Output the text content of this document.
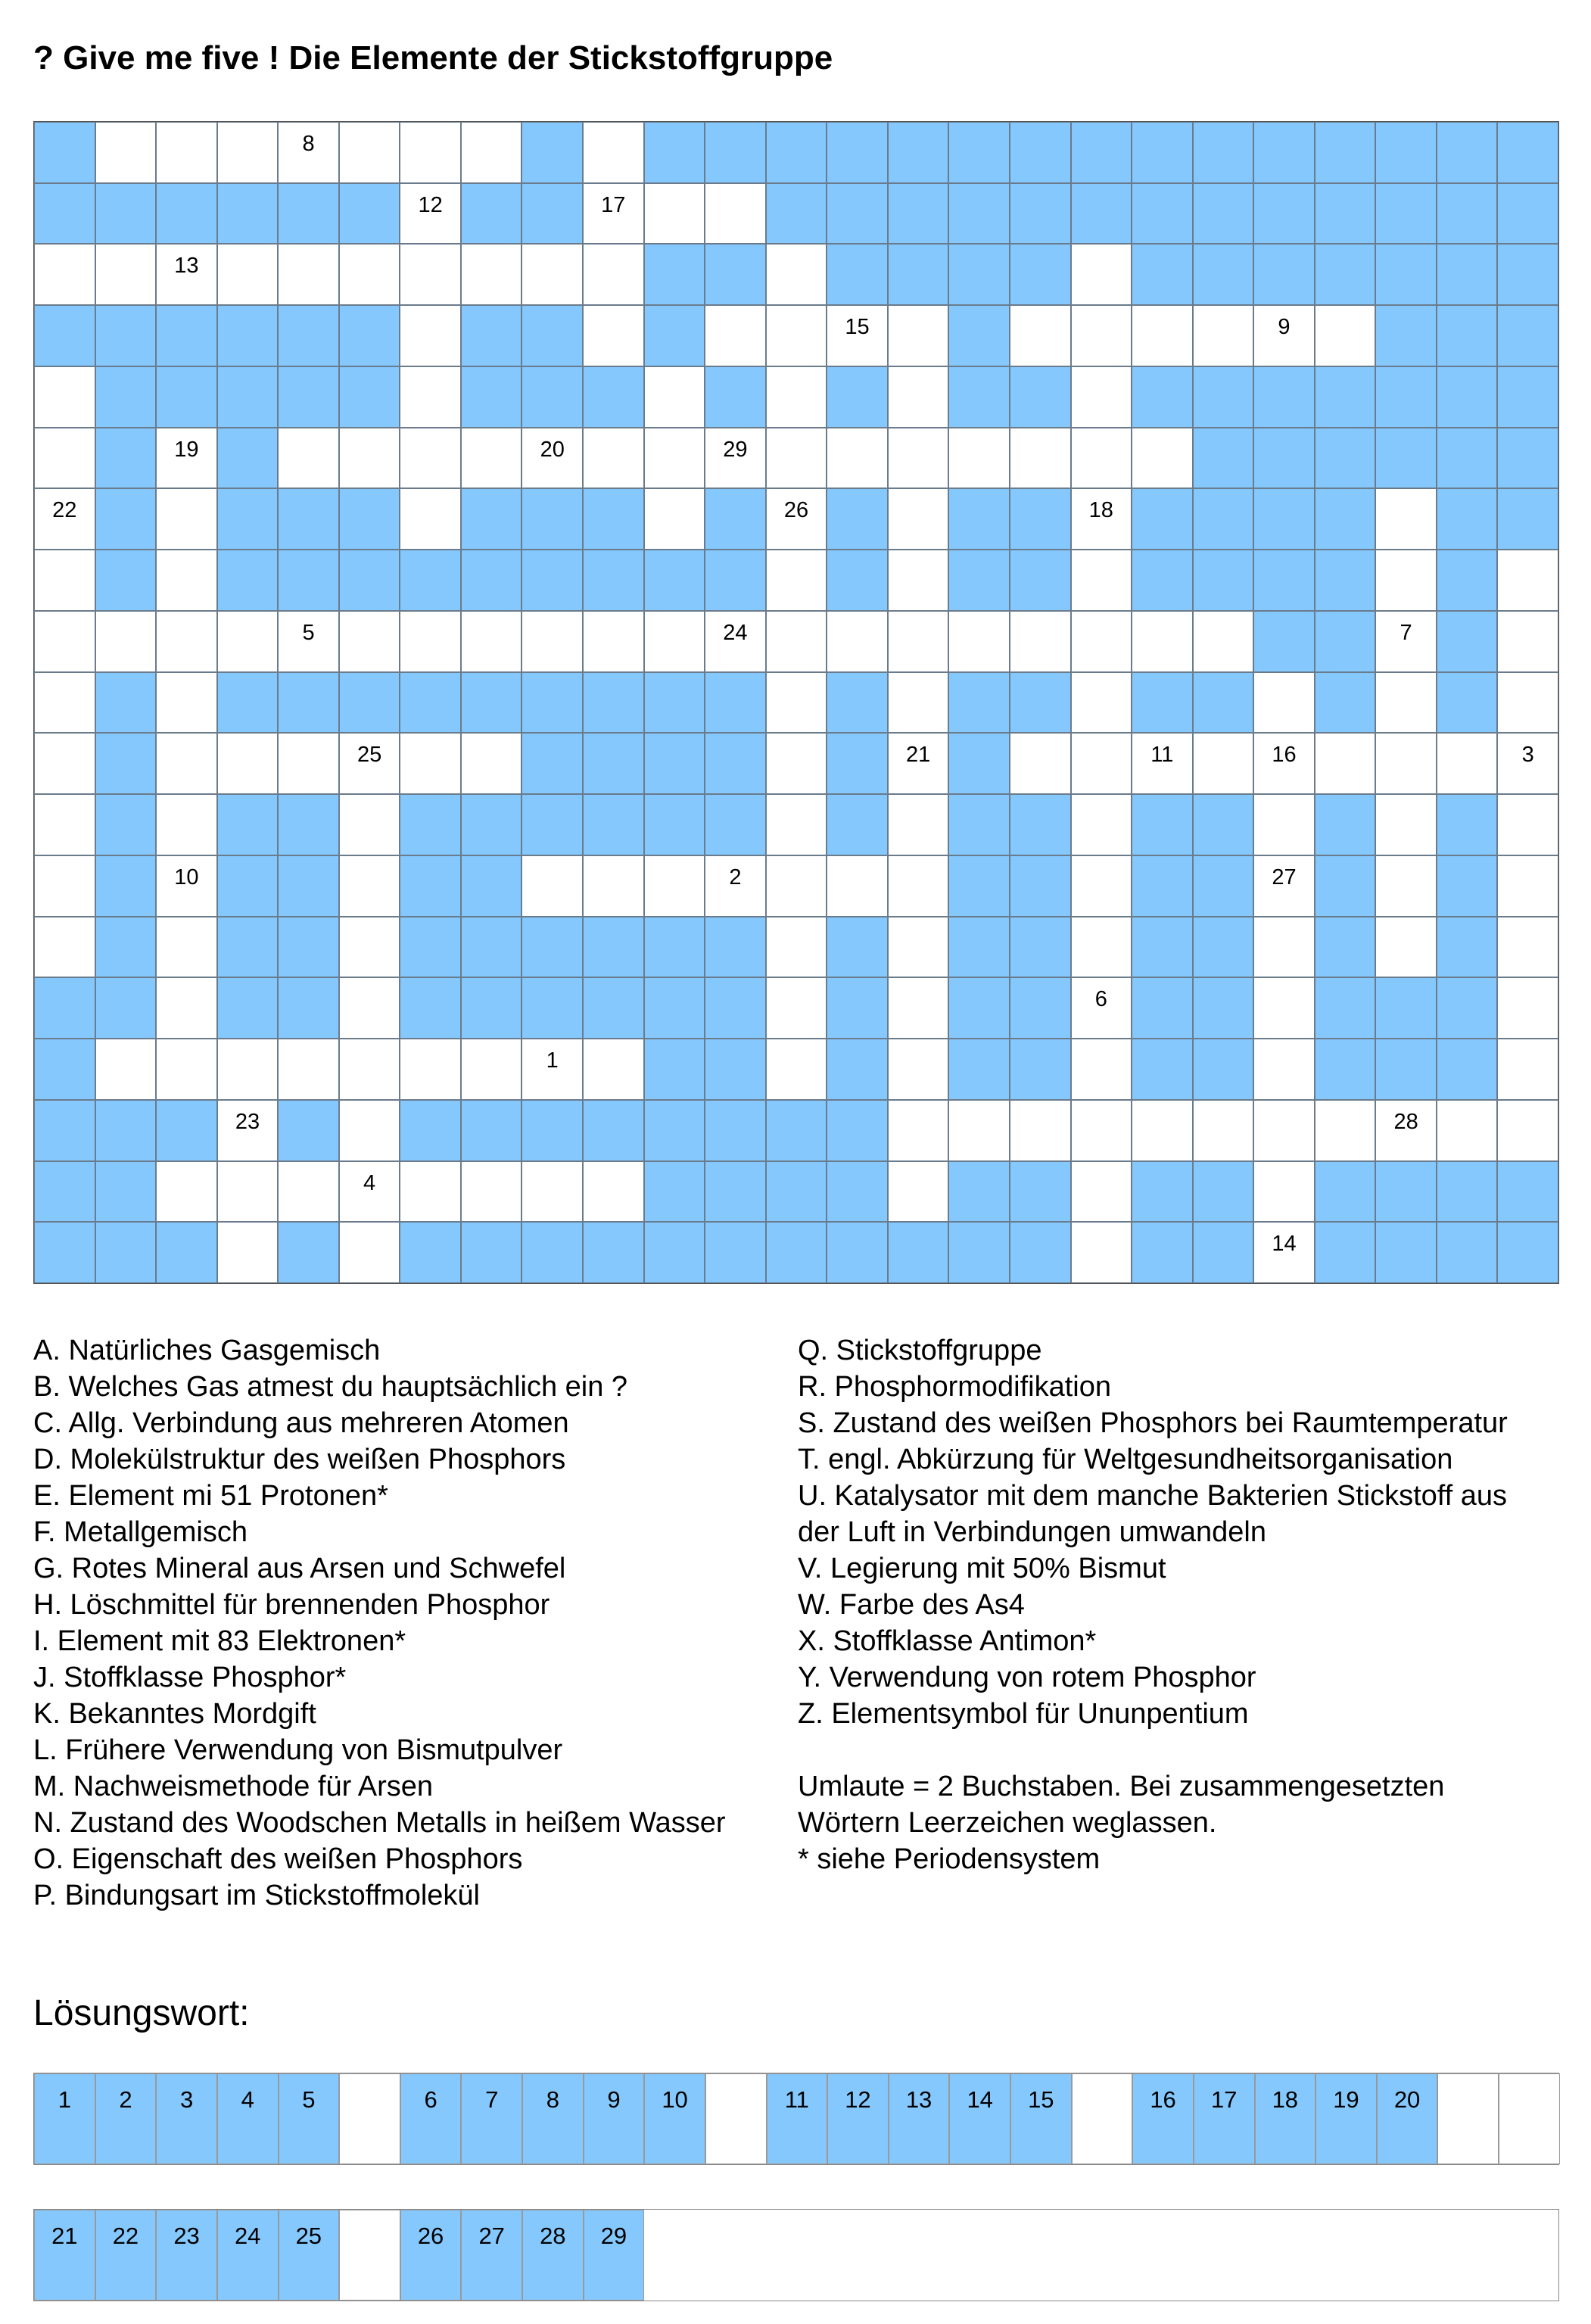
? Give me five ! Die Elemente der Stickstoffgruppe
8
12	17
13
15	9
19	20	29
22	26	18
5	24	7
25	21	11	16	3
10	2	27
6
1
23	28
4
14

A. Natürliches Gasgemisch

B. Welches Gas atmest du hauptsächlich ein ?

C. Allg. Verbindung aus mehreren Atomen

D. Molekülstruktur des weißen Phosphors

E. Element mi 51 Protonen*

F. Metallgemisch

G. Rotes Mineral aus Arsen und Schwefel

H. Löschmittel für brennenden Phosphor

I. Element mit 83 Elektronen*

J. Stoffklasse Phosphor*

K. Bekanntes Mordgift

L. Frühere Verwendung von Bismutpulver

M. Nachweismethode für Arsen

N. Zustand des Woodschen Metalls in heißem Wasser

O. Eigenschaft des weißen Phosphors

P. Bindungsart im Stickstoffmolekül

Q. Stickstoffgruppe

R. Phosphormodifikation

S. Zustand des weißen Phosphors bei Raumtemperatur

T. engl. Abkürzung für Weltgesundheitsorganisation

U. Katalysator mit dem manche Bakterien Stickstoff aus der Luft in Verbindungen umwandeln

V. Legierung mit 50% Bismut

W. Farbe des As4

X. Stoffklasse Antimon*

Y. Verwendung von rotem Phosphor

Z. Elementsymbol für Ununpentium

Umlaute = 2 Buchstaben. Bei zusammengesetzten Wörtern Leerzeichen weglassen.

* siehe Periodensystem

Lösungswort:

1	2	3	4	5	6	7	8	9	10	11	12	13	14	15	16	17	18	19	20
21	22	23	24	25	26	27	28	29
